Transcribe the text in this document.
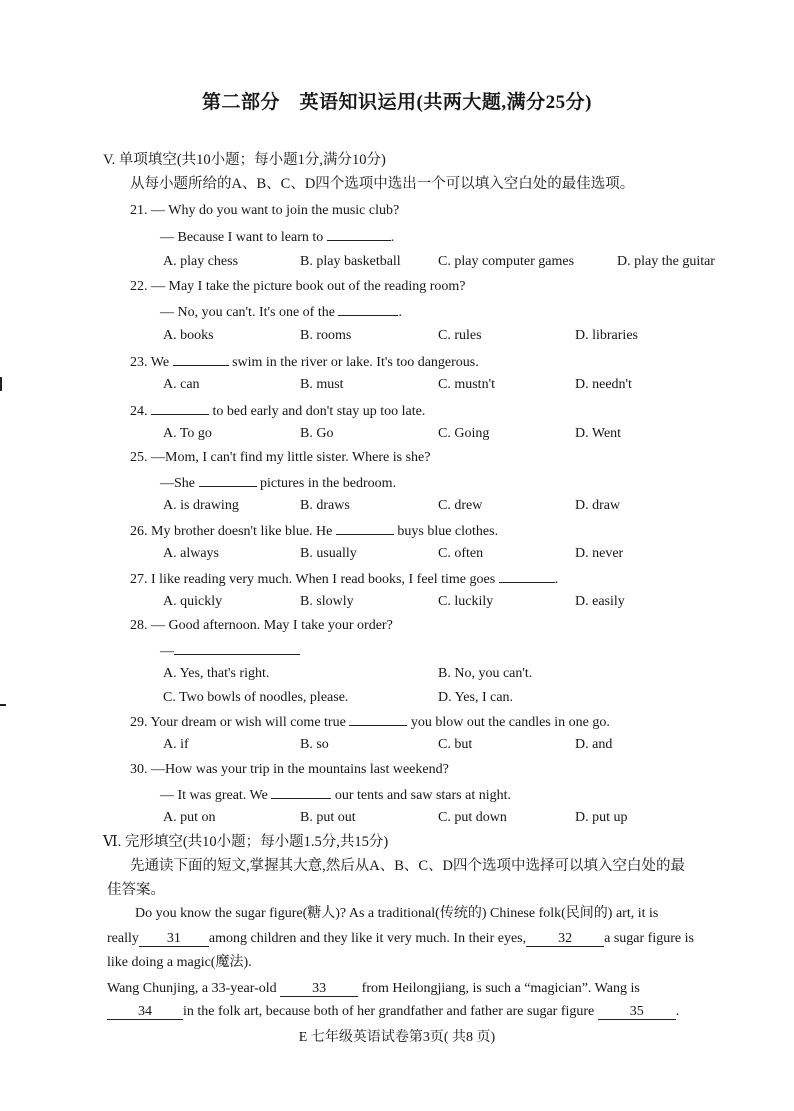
第二部分　英语知识运用(共两大题,满分25分)
V. 单项填空(共10小题；每小题1分,满分10分)
从每小题所给的A、B、C、D四个选项中选出一个可以填入空白处的最佳选项。
21. — Why do you want to join the music club?
— Because I want to learn to	.
A. play chess	B. play basketball	C. play computer games	D. play the guitar
22. — May I take the picture book out of the reading room?
— No, you can't. It's one of the	.
A. books	B. rooms	C. rules	D. libraries
23. We	swim in the river or lake. It's too dangerous.
A. can	B. must	C. mustn't	D. needn't
24.	to bed early and don't stay up too late.
A. To go	B. Go	C. Going	D. Went
25. —Mom, I can't find my little sister. Where is she?
—She	pictures in the bedroom.
A. is drawing	B. draws	C. drew	D. draw
26. My brother doesn't like blue. He	buys blue clothes.
A. always	B. usually	C. often	D. never
27. I like reading very much. When I read books, I feel time goes	.
A. quickly	B. slowly	C. luckily	D. easily
28. — Good afternoon. May I take your order?
—
A. Yes, that's right.	B. No, you can't.
C. Two bowls of noodles, please.	D. Yes, I can.
29. Your dream or wish will come true	you blow out the candles in one go.
A. if	B. so	C. but	D. and
30. —How was your trip in the mountains last weekend?
— It was great. We	our tents and saw stars at night.
A. put on	B. put out	C. put down	D. put up
Ⅵ. 完形填空(共10小题；每小题1.5分,共15分)
先通读下面的短文,掌握其大意,然后从A、B、C、D四个选项中选择可以填入空白处的最
佳答案。
Do you know the sugar figure(糖人)? As a traditional(传统的) Chinese folk(民间的) art, it is
really 31 among children and they like it very much. In their eyes, 32 a sugar figure is
like doing a magic(魔法).
Wang Chunjing, a 33-year-old	33	from Heilongjiang, is such a “magician”. Wang is
34 in the folk art, because both of her grandfather and father are sugar figure	35 .
E 七年级英语试卷第3页( 共8 页)
